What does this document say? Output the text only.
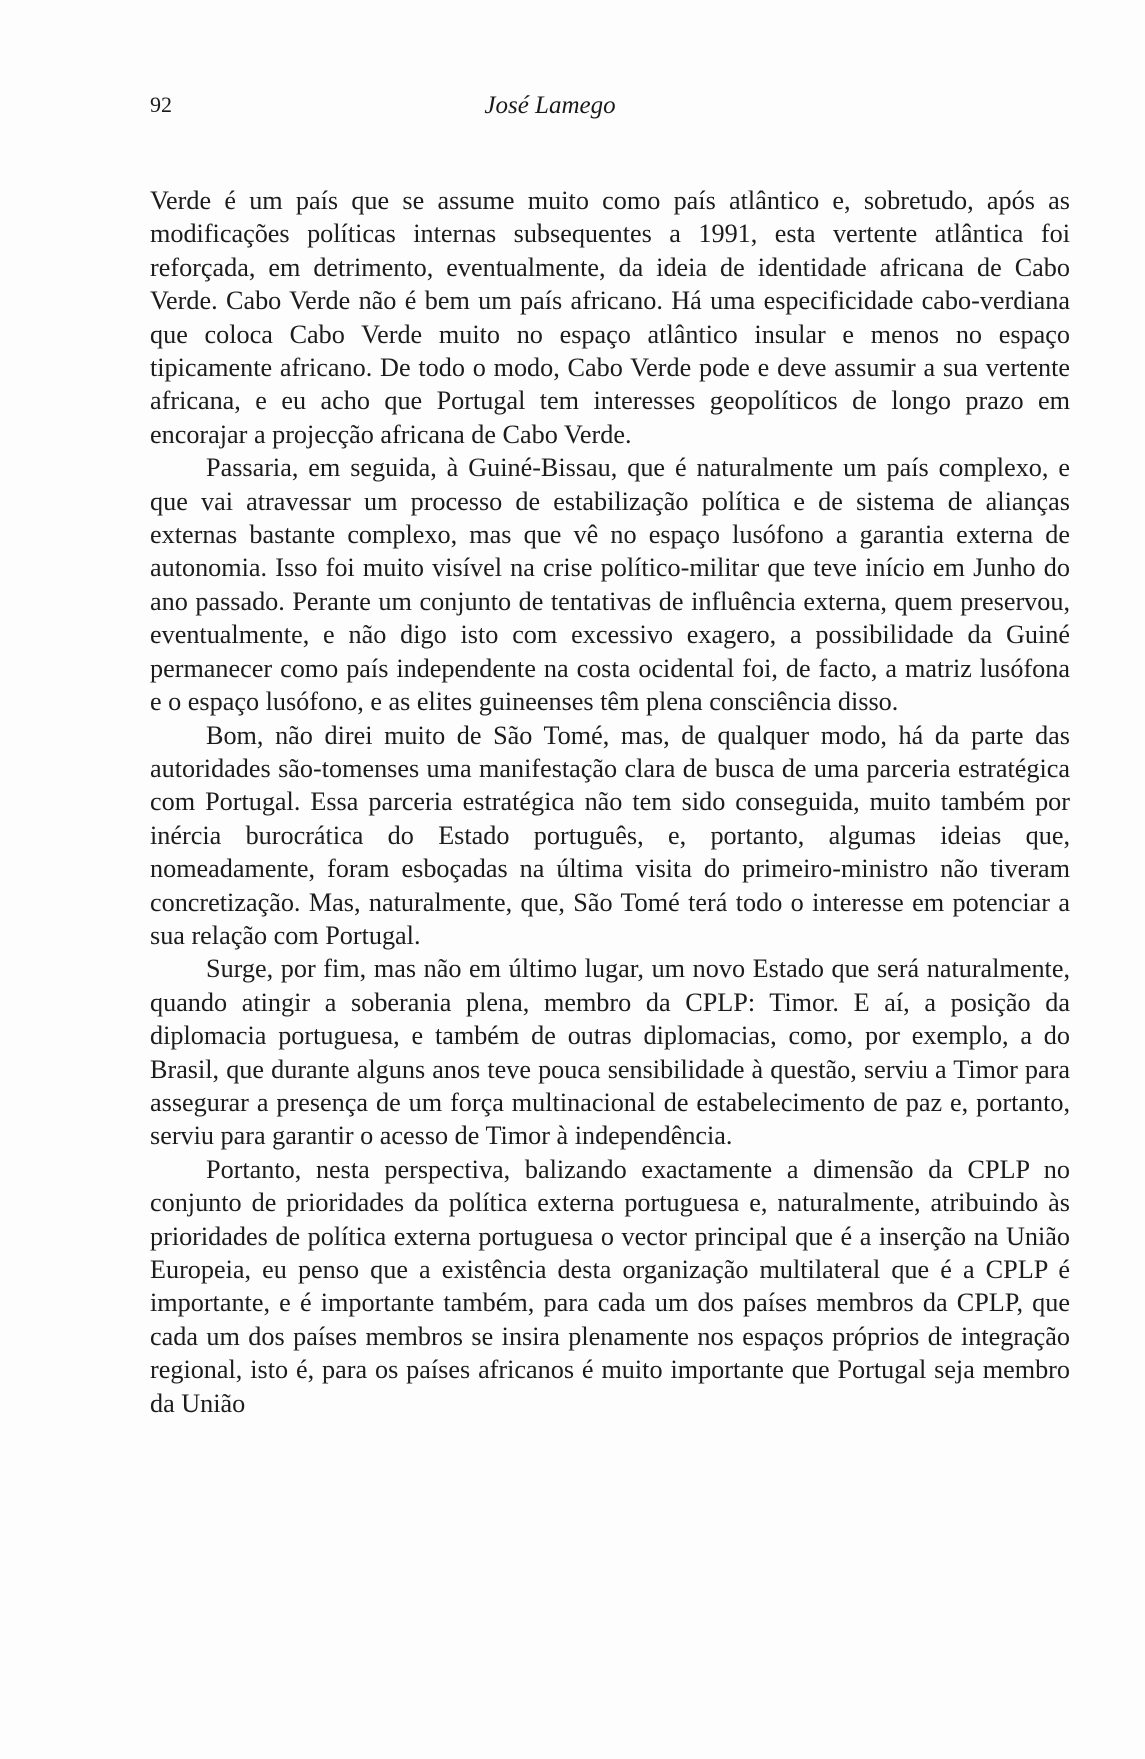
92	José Lamego

Verde é um país que se assume muito como país atlântico e, sobretudo, após as modificações políticas internas subsequentes a 1991, esta vertente atlântica foi reforçada, em detrimento, eventualmente, da ideia de identidade africana de Cabo Verde. Cabo Verde não é bem um país africano. Há uma especificidade cabo-verdiana que coloca Cabo Verde muito no espaço atlântico insular e menos no espaço tipicamente africano. De todo o modo, Cabo Verde pode e deve assumir a sua vertente africana, e eu acho que Portugal tem interesses geopolíticos de longo prazo em encorajar a projecção africana de Cabo Verde.

Passaria, em seguida, à Guiné-Bissau, que é naturalmente um país complexo, e que vai atravessar um processo de estabilização política e de sistema de alianças externas bastante complexo, mas que vê no espaço lusófono a garantia externa de autonomia. Isso foi muito visível na crise político-militar que teve início em Junho do ano passado. Perante um conjunto de tentativas de influência externa, quem preservou, eventualmente, e não digo isto com excessivo exagero, a possibilidade da Guiné permanecer como país independente na costa ocidental foi, de facto, a matriz lusófona e o espaço lusófono, e as elites guineenses têm plena consciência disso.

Bom, não direi muito de São Tomé, mas, de qualquer modo, há da parte das autoridades são-tomenses uma manifestação clara de busca de uma parceria estratégica com Portugal. Essa parceria estratégica não tem sido conseguida, muito também por inércia burocrática do Estado português, e, portanto, algumas ideias que, nomeadamente, foram esboçadas na última visita do primeiro-ministro não tiveram concretização. Mas, naturalmente, que, São Tomé terá todo o interesse em potenciar a sua relação com Portugal.

Surge, por fim, mas não em último lugar, um novo Estado que será naturalmente, quando atingir a soberania plena, membro da CPLP: Timor. E aí, a posição da diplomacia portuguesa, e também de outras diplomacias, como, por exemplo, a do Brasil, que durante alguns anos teve pouca sensibilidade à questão, serviu a Timor para assegurar a presença de um força multinacional de estabelecimento de paz e, portanto, serviu para garantir o acesso de Timor à independência.

Portanto, nesta perspectiva, balizando exactamente a dimensão da CPLP no conjunto de prioridades da política externa portuguesa e, naturalmente, atribuindo às prioridades de política externa portuguesa o vector principal que é a inserção na União Europeia, eu penso que a existência desta organização multilateral que é a CPLP é importante, e é importante também, para cada um dos países membros da CPLP, que cada um dos países membros se insira plenamente nos espaços próprios de integração regional, isto é, para os países africanos é muito importante que Portugal seja membro da União
